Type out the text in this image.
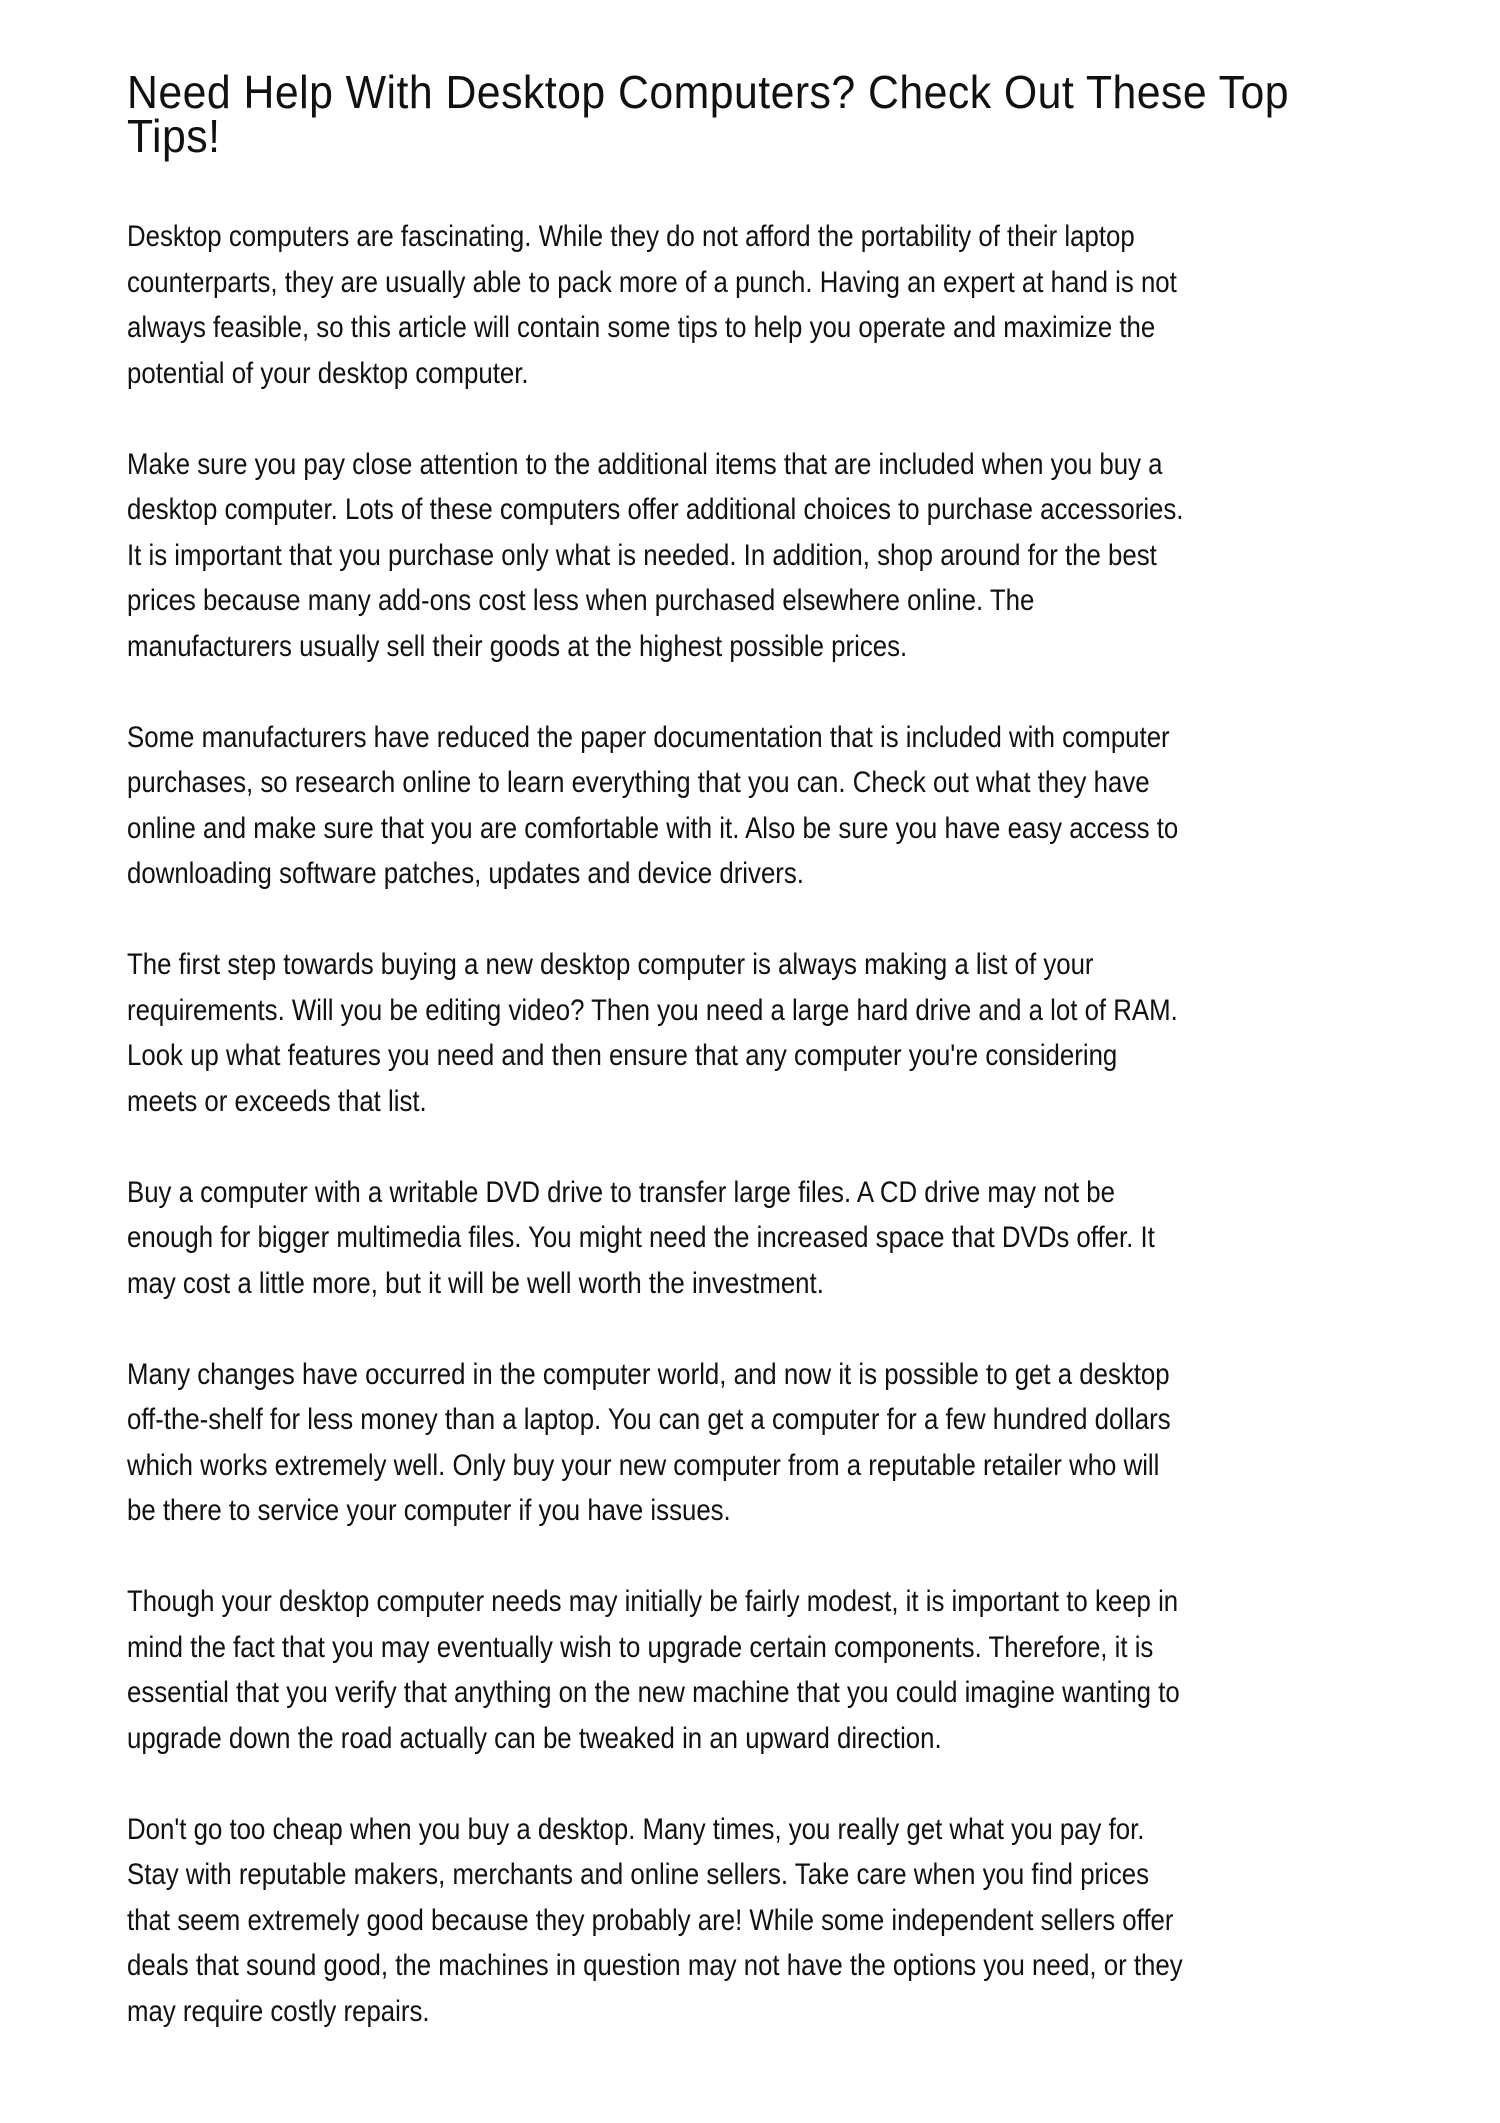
Need Help With Desktop Computers? Check Out These Top
Tips!

Desktop computers are fascinating. While they do not afford the portability of their laptop
counterparts, they are usually able to pack more of a punch. Having an expert at hand is not
always feasible, so this article will contain some tips to help you operate and maximize the
potential of your desktop computer.

Make sure you pay close attention to the additional items that are included when you buy a
desktop computer. Lots of these computers offer additional choices to purchase accessories.
It is important that you purchase only what is needed. In addition, shop around for the best
prices because many add-ons cost less when purchased elsewhere online. The
manufacturers usually sell their goods at the highest possible prices.

Some manufacturers have reduced the paper documentation that is included with computer
purchases, so research online to learn everything that you can. Check out what they have
online and make sure that you are comfortable with it. Also be sure you have easy access to
downloading software patches, updates and device drivers.

The first step towards buying a new desktop computer is always making a list of your
requirements. Will you be editing video? Then you need a large hard drive and a lot of RAM.
Look up what features you need and then ensure that any computer you're considering
meets or exceeds that list.

Buy a computer with a writable DVD drive to transfer large files. A CD drive may not be
enough for bigger multimedia files. You might need the increased space that DVDs offer. It
may cost a little more, but it will be well worth the investment.

Many changes have occurred in the computer world, and now it is possible to get a desktop
off-the-shelf for less money than a laptop. You can get a computer for a few hundred dollars
which works extremely well. Only buy your new computer from a reputable retailer who will
be there to service your computer if you have issues.

Though your desktop computer needs may initially be fairly modest, it is important to keep in
mind the fact that you may eventually wish to upgrade certain components. Therefore, it is
essential that you verify that anything on the new machine that you could imagine wanting to
upgrade down the road actually can be tweaked in an upward direction.

Don't go too cheap when you buy a desktop. Many times, you really get what you pay for.
Stay with reputable makers, merchants and online sellers. Take care when you find prices
that seem extremely good because they probably are! While some independent sellers offer
deals that sound good, the machines in question may not have the options you need, or they
may require costly repairs.
